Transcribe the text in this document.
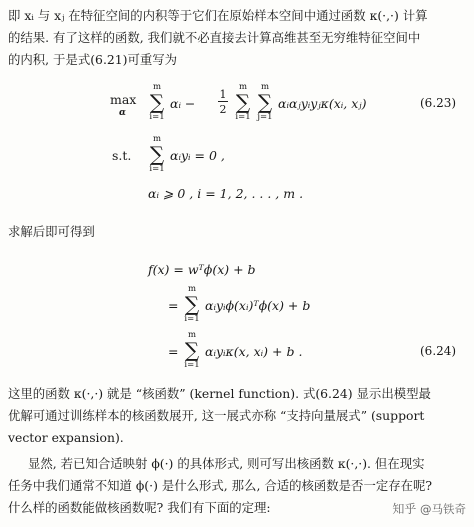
即 xᵢ 与 xⱼ 在特征空间的内积等于它们在原始样本空间中通过函数 κ(·,·) 计算
的结果. 有了这样的函数, 我们就不必直接去计算高维甚至无穷维特征空间中
的内积, 于是式(6.21)可重写为
max
α
m
∑
i=1
αᵢ −
1
2
m
∑
i=1
m
∑
j=1
αᵢαⱼyᵢyⱼκ(xᵢ, xⱼ)	(6.23)
s.t.
m
∑
i=1
αᵢyᵢ = 0 ,
αᵢ ⩾ 0 , i = 1, 2, . . . , m .
求解后即可得到
f(x) = wᵀϕ(x) + b
=
m
∑
i=1
αᵢyᵢϕ(xᵢ)ᵀϕ(x) + b
=
m
∑
i=1
αᵢyᵢκ(x, xᵢ) + b .	(6.24)
这里的函数 κ(·,·) 就是 “核函数” (kernel function). 式(6.24) 显示出模型最
优解可通过训练样本的核函数展开, 这一展式亦称 “支持向量展式” (support
vector expansion).
显然, 若已知合适映射 ϕ(·) 的具体形式, 则可写出核函数 κ(·,·). 但在现实
任务中我们通常不知道 ϕ(·) 是什么形式, 那么, 合适的核函数是否一定存在呢?
什么样的函数能做核函数呢? 我们有下面的定理:	知乎 @马铁奇
